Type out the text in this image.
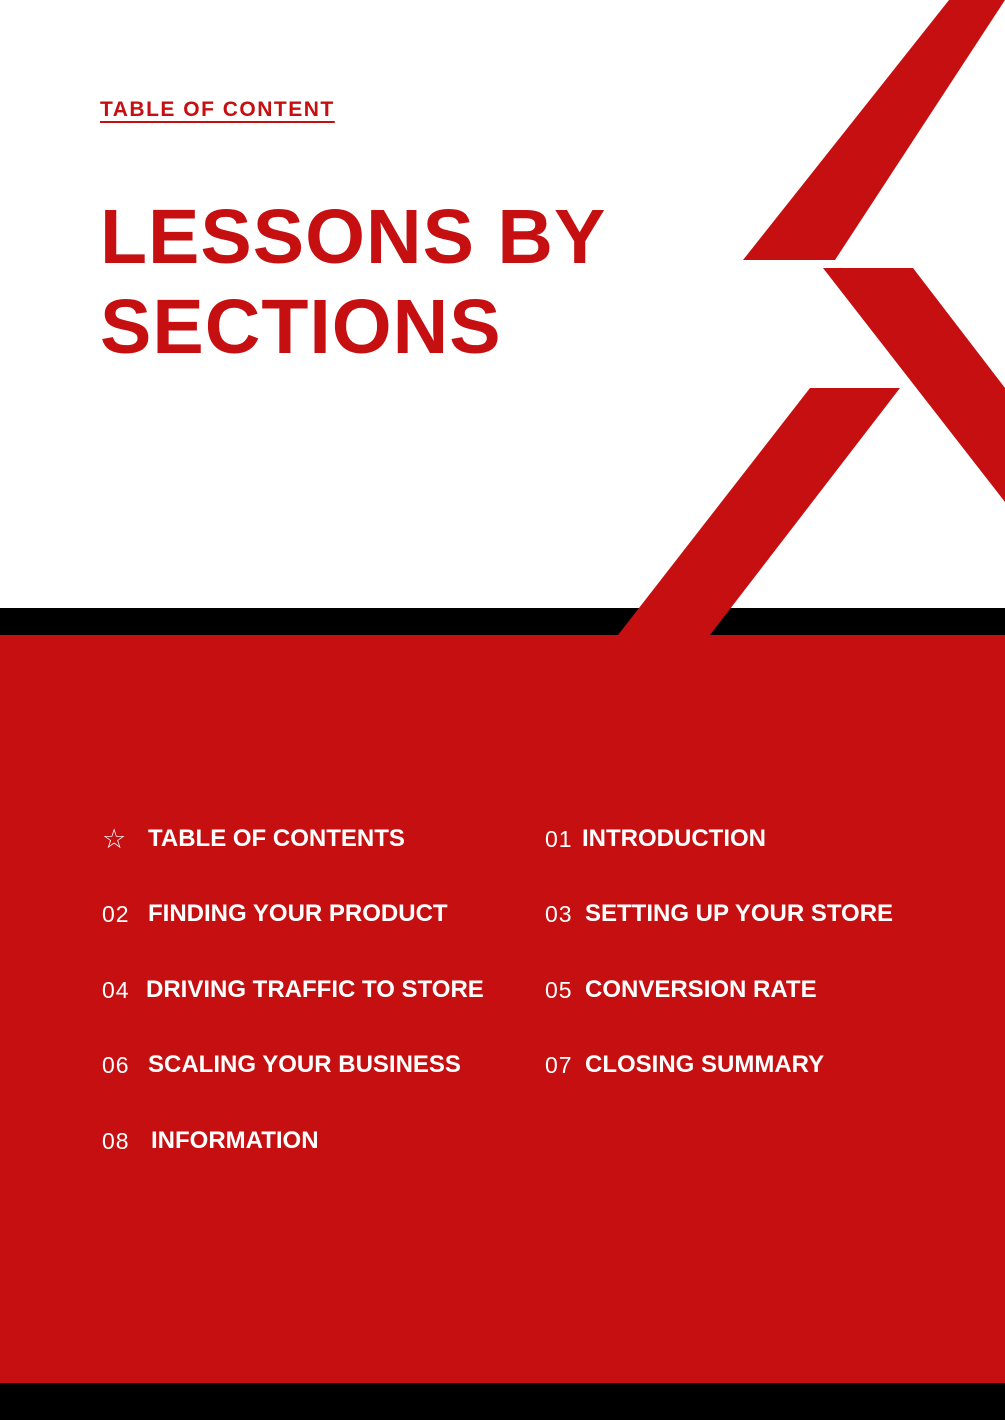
TABLE OF CONTENT
LESSONS BY
SECTIONS
☆ TABLE OF CONTENTS	01 INTRODUCTION
02 FINDING YOUR PRODUCT	03 SETTING UP YOUR STORE
04 DRIVING TRAFFIC TO STORE	05 CONVERSION RATE
06 SCALING YOUR BUSINESS	07 CLOSING SUMMARY
08 INFORMATION
